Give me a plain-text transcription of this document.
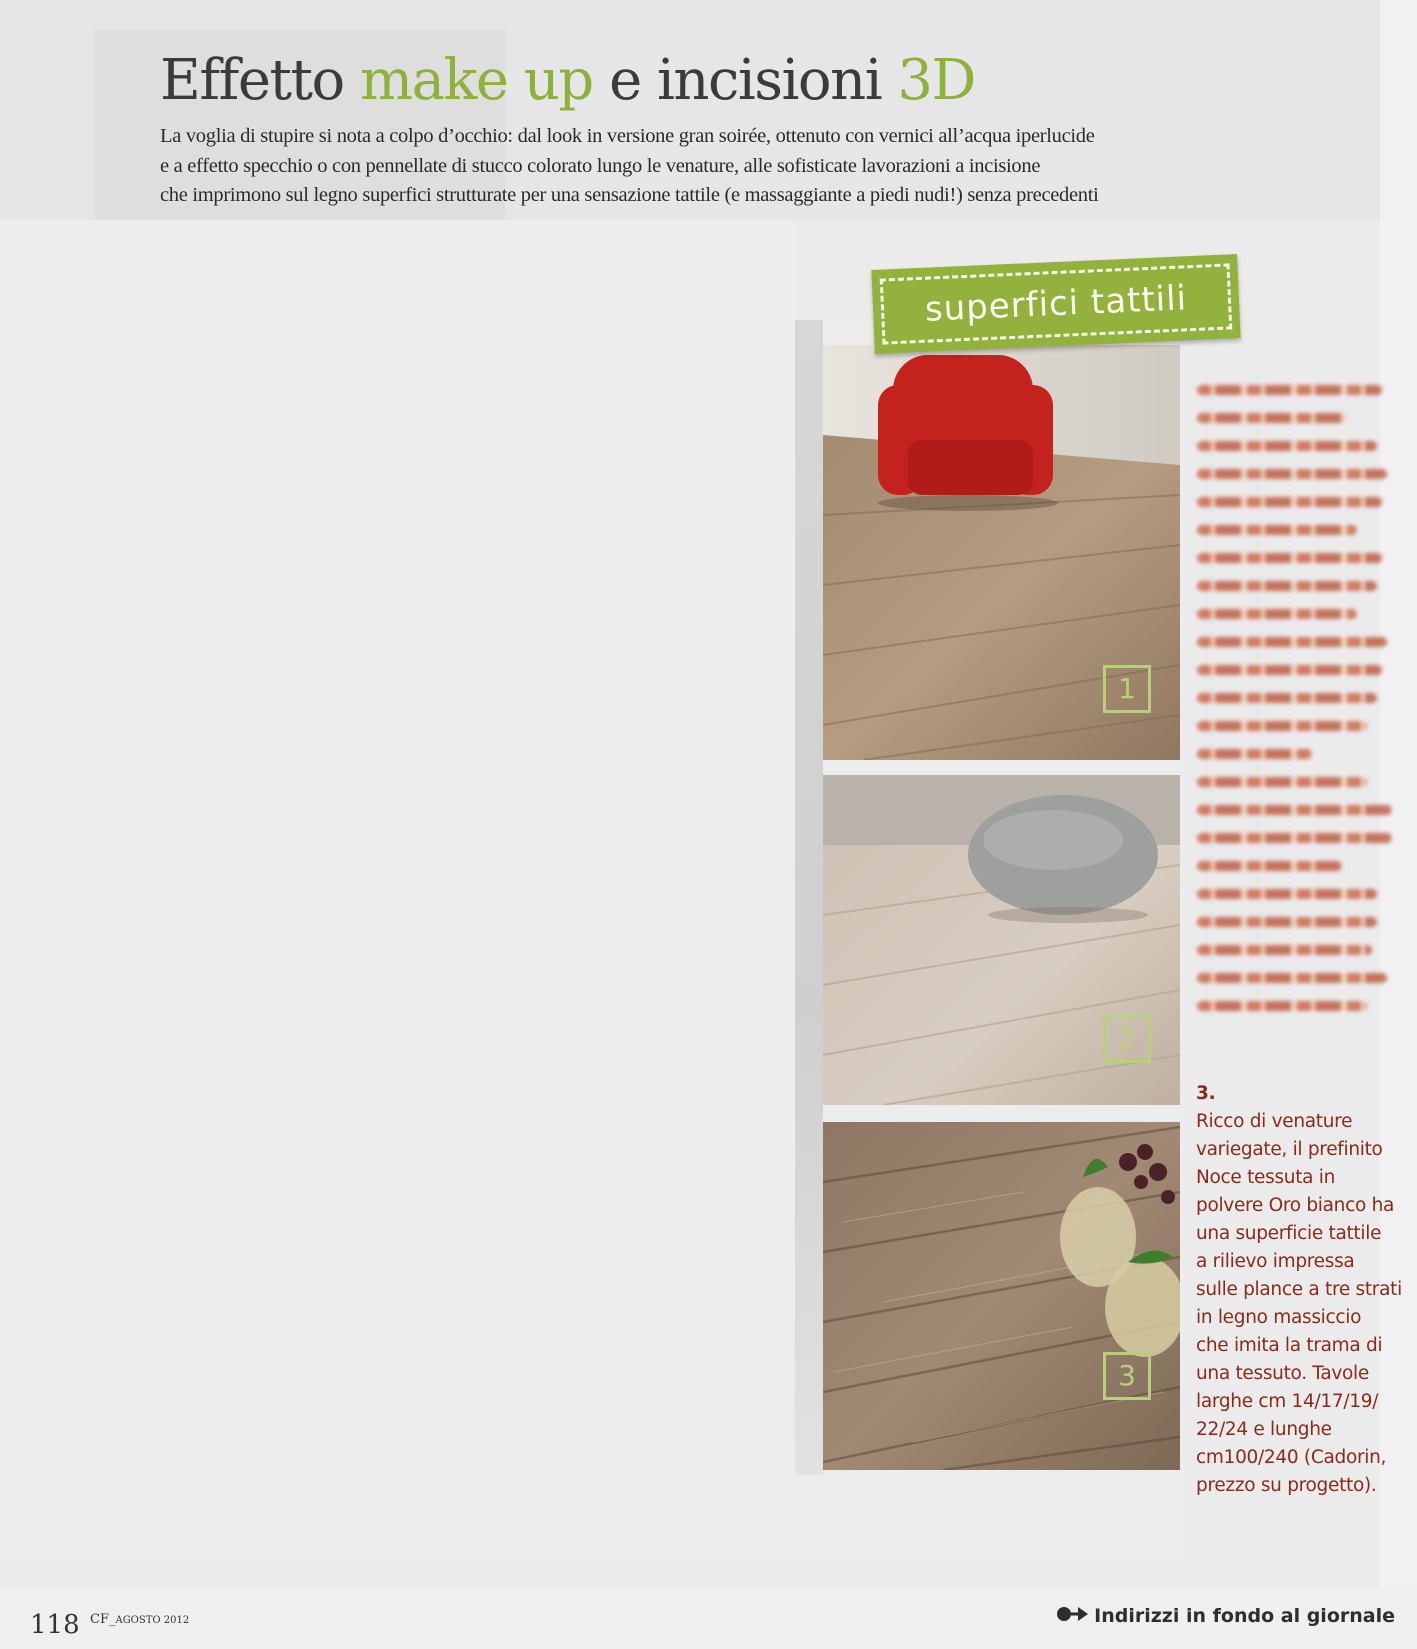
Effetto make up e incisioni 3D

La voglia di stupire si nota a colpo d’occhio: dal look in versione gran soirée, ottenuto con vernici all’acqua iperlucide
e a effetto specchio o con pennellate di stucco colorato lungo le venature, alle sofisticate lavorazioni a incisione
che imprimono sul legno superfici strutturate per una sensazione tattile (e massaggiante a piedi nudi!) senza precedenti

1
2
3
superfici tattili

3.
Ricco di venature
variegate, il prefinito
Noce tessuta in
polvere Oro bianco ha
una superficie tattile
a rilievo impressa
sulle plance a tre strati
in legno massiccio
che imita la trama di
una tessuto. Tavole
larghe cm 14/17/19/
22/24 e lunghe
cm100/240 (Cadorin,
prezzo su progetto).

118 CF_AGOSTO 2012	Indirizzi in fondo al giornale
